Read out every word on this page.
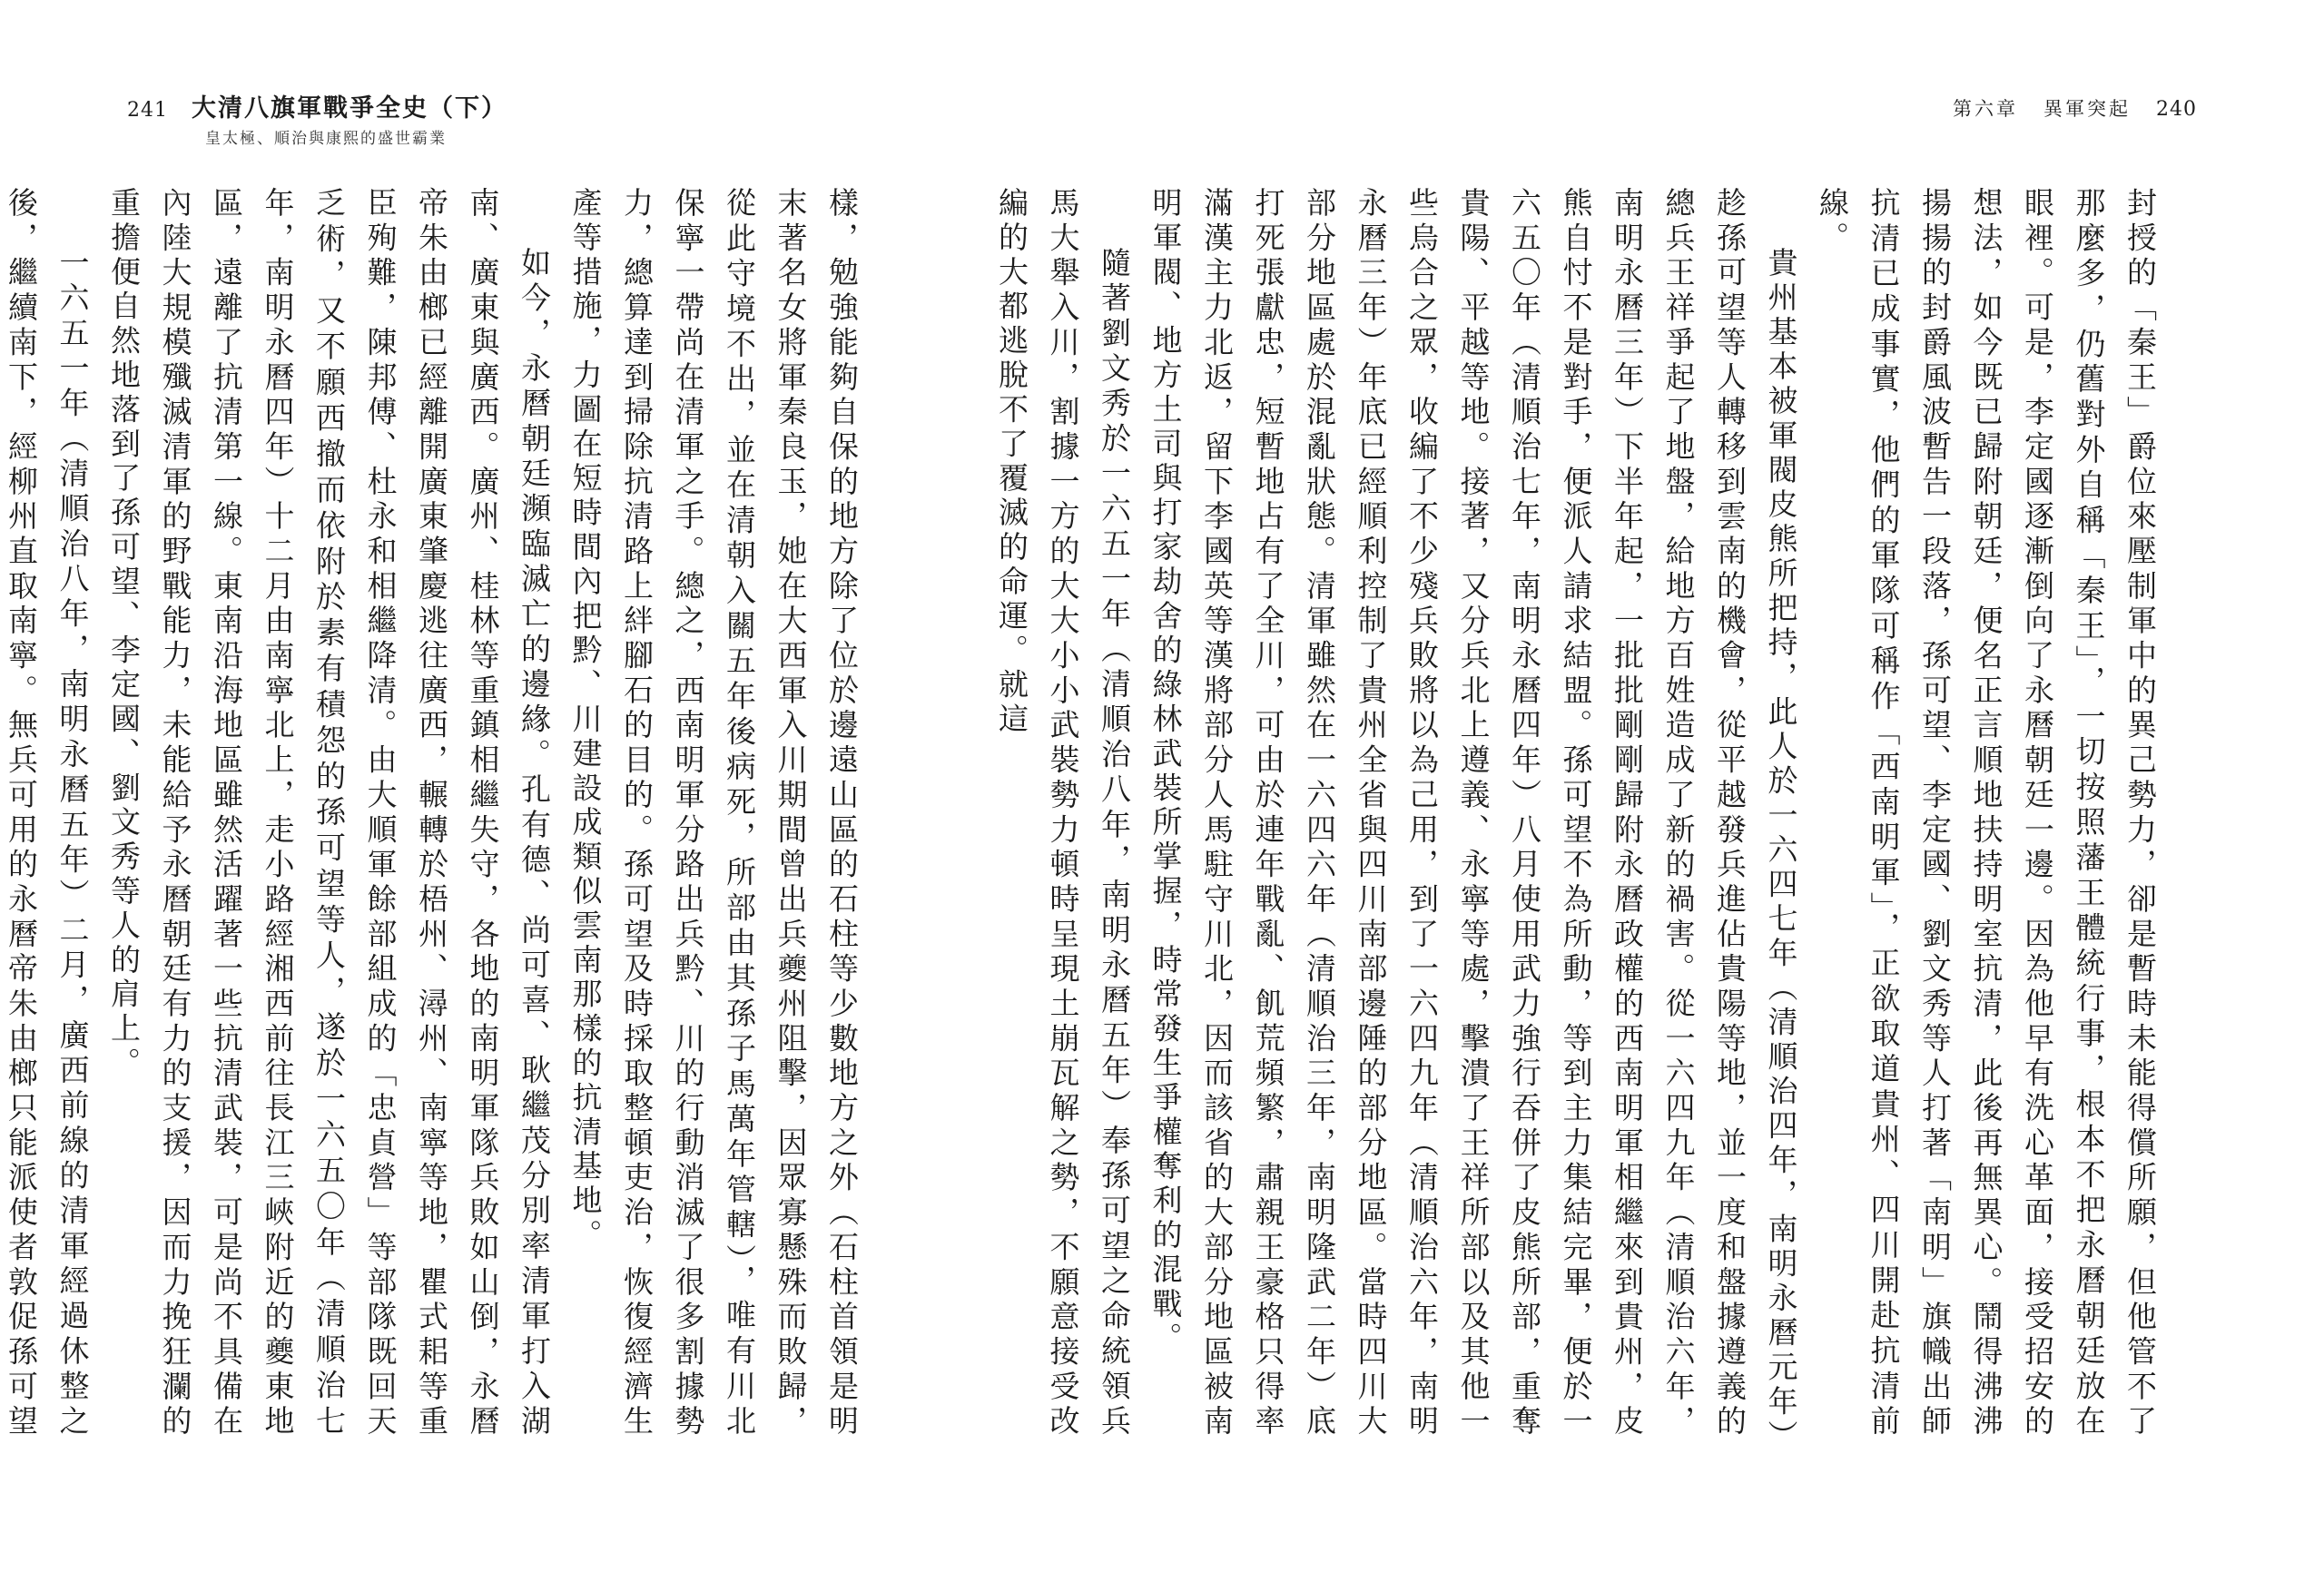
241 大清八旗軍戰爭全史（下）
皇太極、順治與康熙的盛世霸業

樣，勉強能夠自保的地方除了位於邊遠山區的石柱等少數地方之外（石柱首領是明末著名女將軍秦良玉，她在大西軍入川期間曾出兵夔州阻擊，因眾寡懸殊而敗歸，從此守境不出，並在清朝入關五年後病死，所部由其孫子馬萬年管轄），唯有川北保寧一帶尚在清軍之手。總之，西南明軍分路出兵黔、川的行動消滅了很多割據勢力，總算達到掃除抗清路上絆腳石的目的。孫可望及時採取整頓吏治，恢復經濟生產等措施，力圖在短時間內把黔、川建設成類似雲南那樣的抗清基地。

如今，永曆朝廷瀕臨滅亡的邊緣。孔有德、尚可喜、耿繼茂分別率清軍打入湖南、廣東與廣西。廣州、桂林等重鎮相繼失守，各地的南明軍隊兵敗如山倒，永曆帝朱由榔已經離開廣東肇慶逃往廣西，輾轉於梧州、潯州、南寧等地，瞿式耜等重臣殉難，陳邦傅、杜永和相繼降清。由大順軍餘部組成的「忠貞營」等部隊既回天乏術，又不願西撤而依附於素有積怨的孫可望等人，遂於一六五〇年（清順治七年，南明永曆四年）十二月由南寧北上，走小路經湘西前往長江三峽附近的夔東地區，遠離了抗清第一線。東南沿海地區雖然活躍著一些抗清武裝，可是尚不具備在內陸大規模殲滅清軍的野戰能力，未能給予永曆朝廷有力的支援，因而力挽狂瀾的重擔便自然地落到了孫可望、李定國、劉文秀等人的肩上。

一六五一年（清順治八年，南明永曆五年）二月，廣西前線的清軍經過休整之後，繼續南下，經柳州直取南寧。無兵可用的永曆帝朱由榔只能派使者敦促孫可望

第六章 異軍突起 240

封授的「秦王」爵位來壓制軍中的異己勢力，卻是暫時未能得償所願，但他管不了那麼多，仍舊對外自稱「秦王」，一切按照藩王體統行事，根本不把永曆朝廷放在眼裡。可是，李定國逐漸倒向了永曆朝廷一邊。因為他早有洗心革面，接受招安的想法，如今既已歸附朝廷，便名正言順地扶持明室抗清，此後再無異心。鬧得沸沸揚揚的封爵風波暫告一段落，孫可望、李定國、劉文秀等人打著「南明」旗幟出師抗清已成事實，他們的軍隊可稱作「西南明軍」，正欲取道貴州、四川開赴抗清前線。

貴州基本被軍閥皮熊所把持，此人於一六四七年（清順治四年，南明永曆元年）趁孫可望等人轉移到雲南的機會，從平越發兵進佔貴陽等地，並一度和盤據遵義的總兵王祥爭起了地盤，給地方百姓造成了新的禍害。從一六四九年（清順治六年，南明永曆三年）下半年起，一批批剛剛歸附永曆政權的西南明軍相繼來到貴州，皮熊自忖不是對手，便派人請求結盟。孫可望不為所動，等到主力集結完畢，便於一六五〇年（清順治七年，南明永曆四年）八月使用武力強行吞併了皮熊所部，重奪貴陽、平越等地。接著，又分兵北上遵義、永寧等處，擊潰了王祥所部以及其他一些烏合之眾，收編了不少殘兵敗將以為己用，到了一六四九年（清順治六年，南明永曆三年）年底已經順利控制了貴州全省與四川南部邊陲的部分地區。當時四川大部分地區處於混亂狀態。清軍雖然在一六四六年（清順治三年，南明隆武二年）底打死張獻忠，短暫地占有了全川，可由於連年戰亂、飢荒頻繁，肅親王豪格只得率滿漢主力北返，留下李國英等漢將部分人馬駐守川北，因而該省的大部分地區被南明軍閥、地方土司與打家劫舍的綠林武裝所掌握，時常發生爭權奪利的混戰。

隨著劉文秀於一六五一年（清順治八年，南明永曆五年）奉孫可望之命統領兵馬大舉入川，割據一方的大大小小武裝勢力頓時呈現土崩瓦解之勢，不願意接受改編的大都逃脫不了覆滅的命運。就這
